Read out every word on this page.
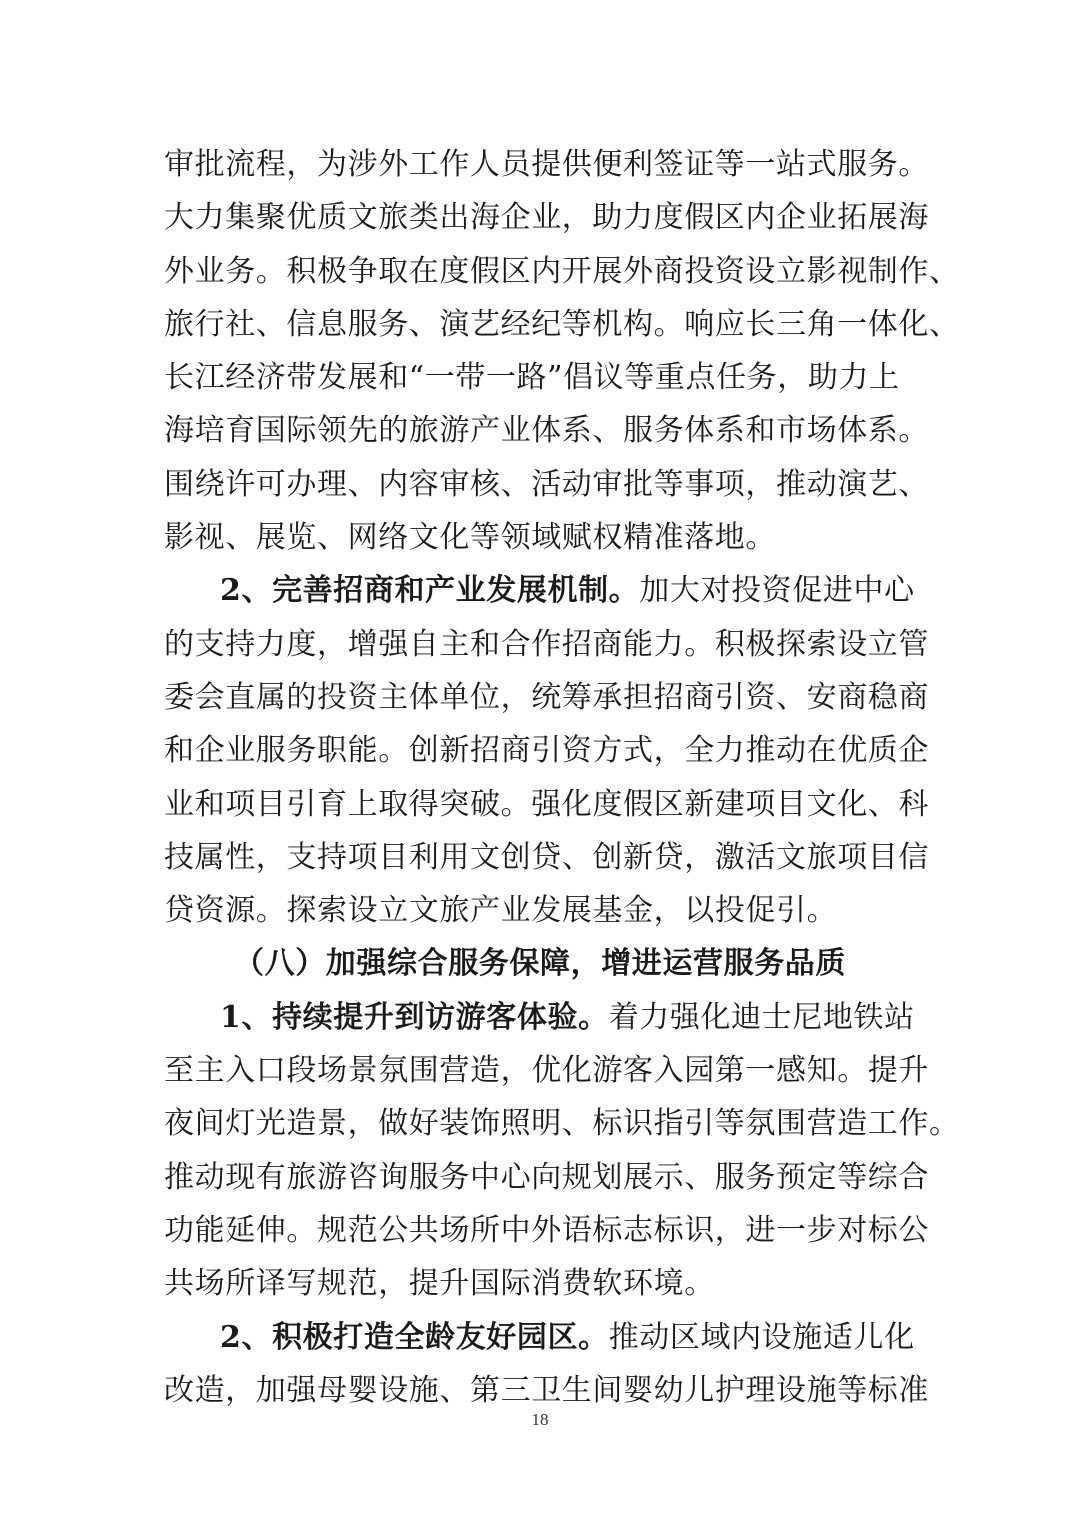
审批流程，为涉外工作人员提供便利签证等一站式服务。
大力集聚优质文旅类出海企业，助力度假区内企业拓展海
外业务。积极争取在度假区内开展外商投资设立影视制作、
旅行社、信息服务、演艺经纪等机构。响应长三角一体化、
长江经济带发展和“一带一路”倡议等重点任务，助力上
海培育国际领先的旅游产业体系、服务体系和市场体系。
围绕许可办理、内容审核、活动审批等事项，推动演艺、
影视、展览、网络文化等领域赋权精准落地。
2、完善招商和产业发展机制。加大对投资促进中心
的支持力度，增强自主和合作招商能力。积极探索设立管
委会直属的投资主体单位，统筹承担招商引资、安商稳商
和企业服务职能。创新招商引资方式，全力推动在优质企
业和项目引育上取得突破。强化度假区新建项目文化、科
技属性，支持项目利用文创贷、创新贷，激活文旅项目信
贷资源。探索设立文旅产业发展基金，以投促引。
（八）加强综合服务保障，增进运营服务品质
1、持续提升到访游客体验。着力强化迪士尼地铁站
至主入口段场景氛围营造，优化游客入园第一感知。提升
夜间灯光造景，做好装饰照明、标识指引等氛围营造工作。
推动现有旅游咨询服务中心向规划展示、服务预定等综合
功能延伸。规范公共场所中外语标志标识，进一步对标公
共场所译写规范，提升国际消费软环境。
2、积极打造全龄友好园区。推动区域内设施适儿化
改造，加强母婴设施、第三卫生间婴幼儿护理设施等标准
18
